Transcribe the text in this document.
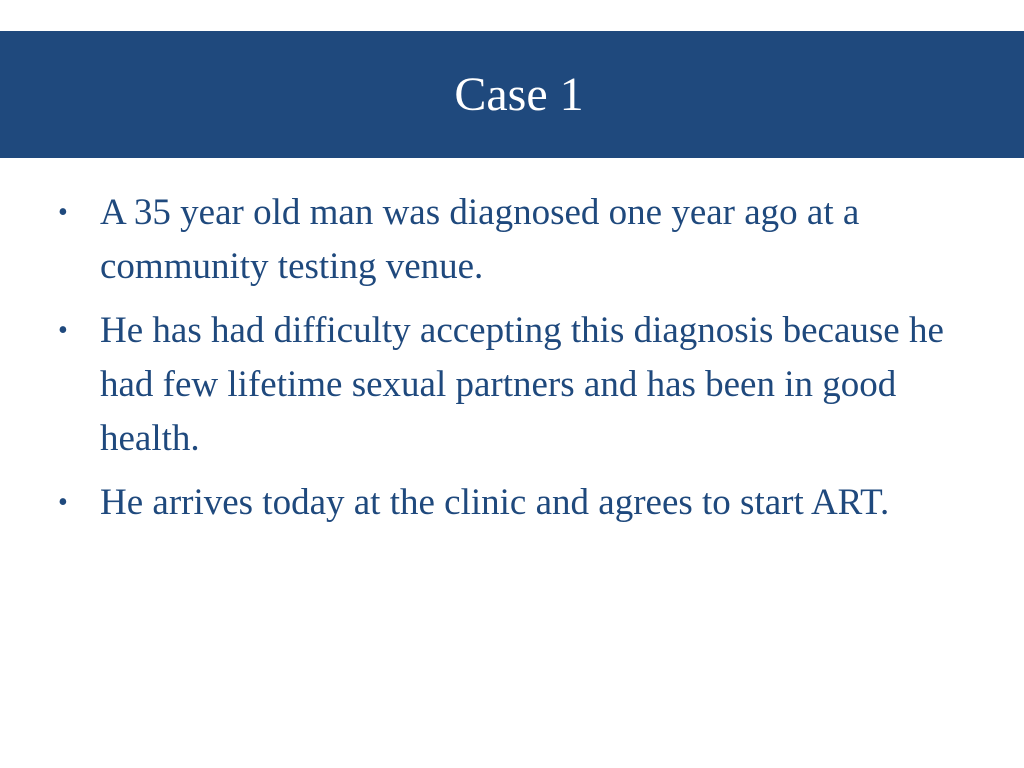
Case 1
• A 35 year old man was diagnosed one year ago at a community testing venue.
• He has had difficulty accepting this diagnosis because he had few lifetime sexual partners and has been in good health.
• He arrives today at the clinic and agrees to start ART.
